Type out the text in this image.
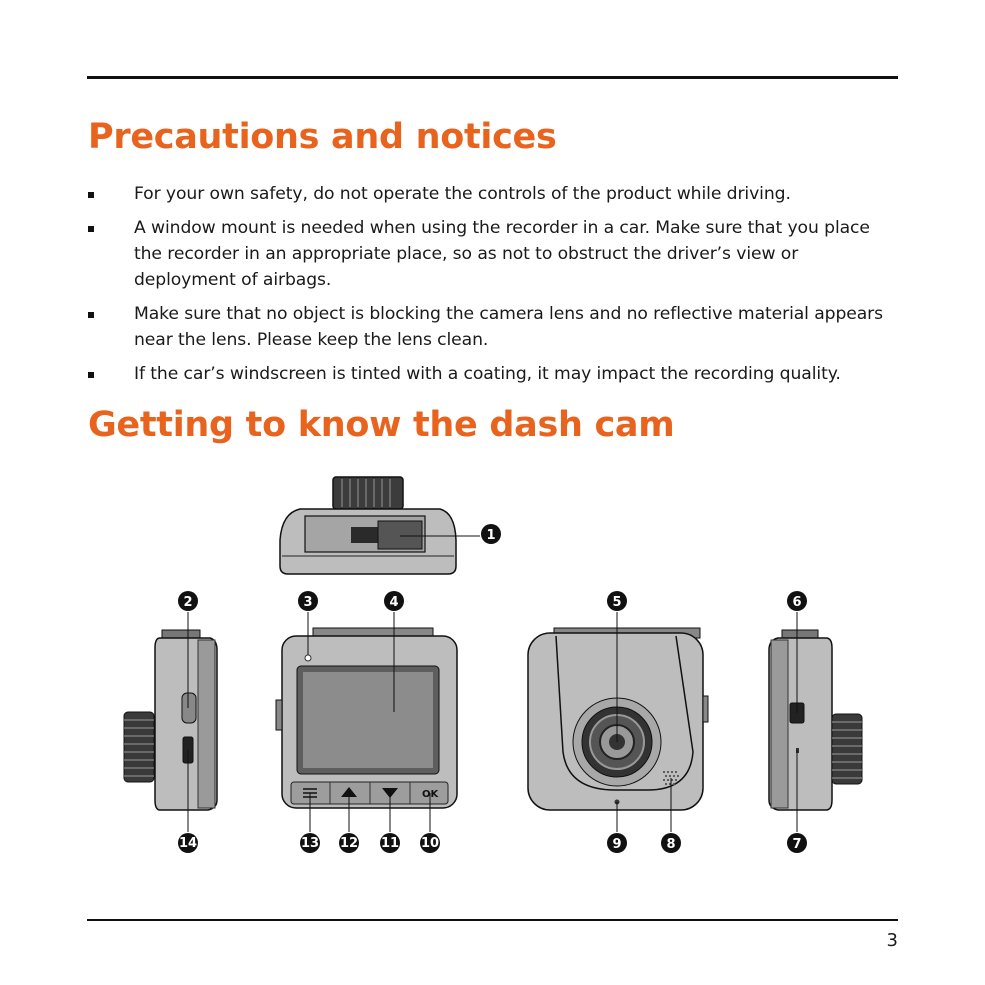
Precautions and notices
For your own safety, do not operate the controls of the product while driving.
A window mount is needed when using the recorder in a car. Make sure that you place the recorder in an appropriate place, so as not to obstruct the driver’s view or deployment of airbags.
Make sure that no object is blocking the camera lens and no reflective material appears near the lens. Please keep the lens clean.
If the car’s windscreen is tinted with a coating, it may impact the recording quality.
Getting to know the dash cam
OK
1
2	3	4	5	6
7
8
9
10
11
12
13
14
3
